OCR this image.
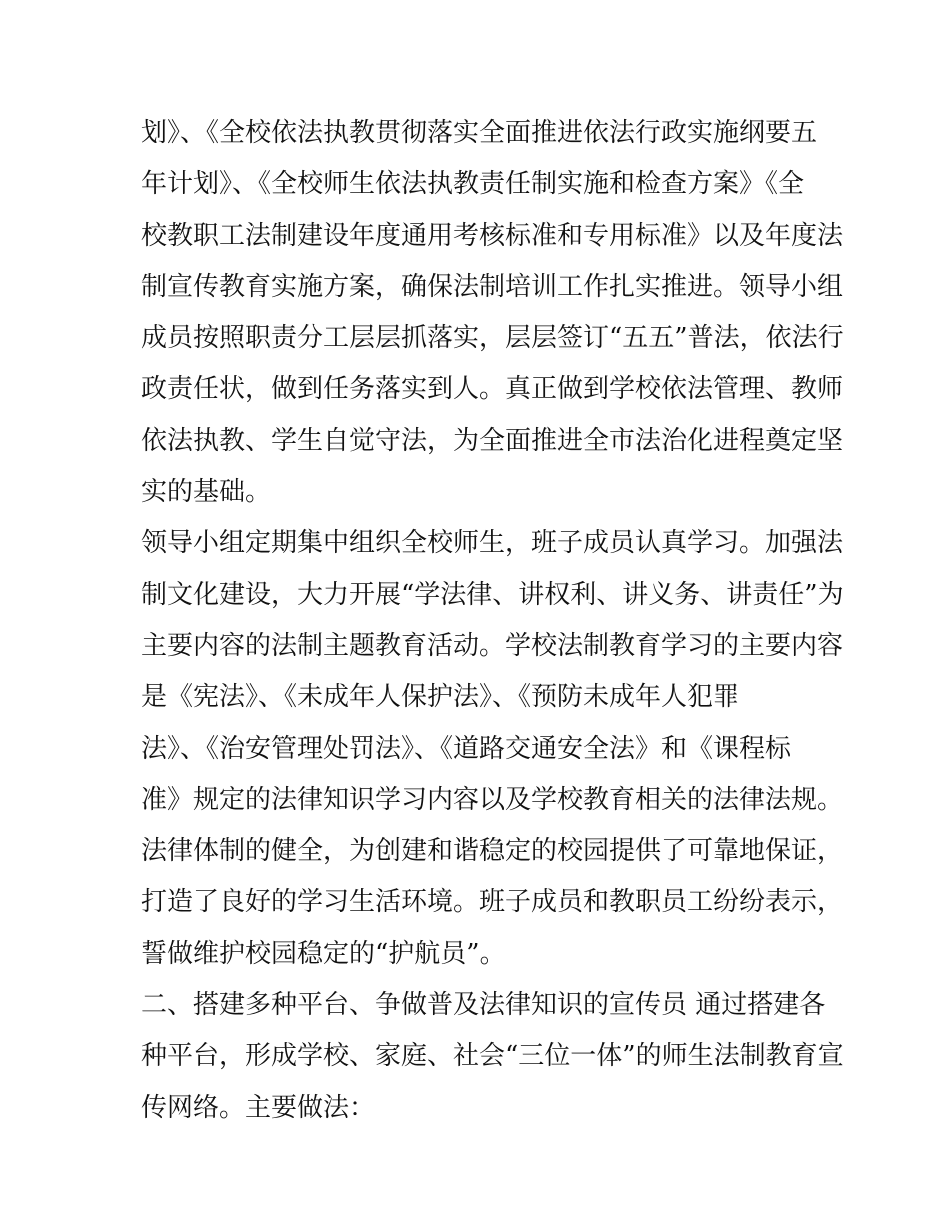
划》、《全校依法执教贯彻落实全面推进依法行政实施纲要五
年计划》、《全校师生依法执教责任制实施和检查方案》《全
校教职工法制建设年度通用考核标准和专用标准》以及年度法
制宣传教育实施方案，确保法制培训工作扎实推进。领导小组
成员按照职责分工层层抓落实，层层签订“五五”普法，依法行
政责任状，做到任务落实到人。真正做到学校依法管理、教师
依法执教、学生自觉守法，为全面推进全市法治化进程奠定坚
实的基础。
领导小组定期集中组织全校师生，班子成员认真学习。加强法
制文化建设，大力开展“学法律、讲权利、讲义务、讲责任”为
主要内容的法制主题教育活动。学校法制教育学习的主要内容
是《宪法》、《未成年人保护法》、《预防未成年人犯罪
法》、《治安管理处罚法》、《道路交通安全法》和《课程标
准》规定的法律知识学习内容以及学校教育相关的法律法规。
法律体制的健全，为创建和谐稳定的校园提供了可靠地保证，
打造了良好的学习生活环境。班子成员和教职员工纷纷表示，
誓做维护校园稳定的“护航员”。
二、搭建多种平台、争做普及法律知识的宣传员 通过搭建各
种平台，形成学校、家庭、社会“三位一体”的师生法制教育宣
传网络。主要做法：
